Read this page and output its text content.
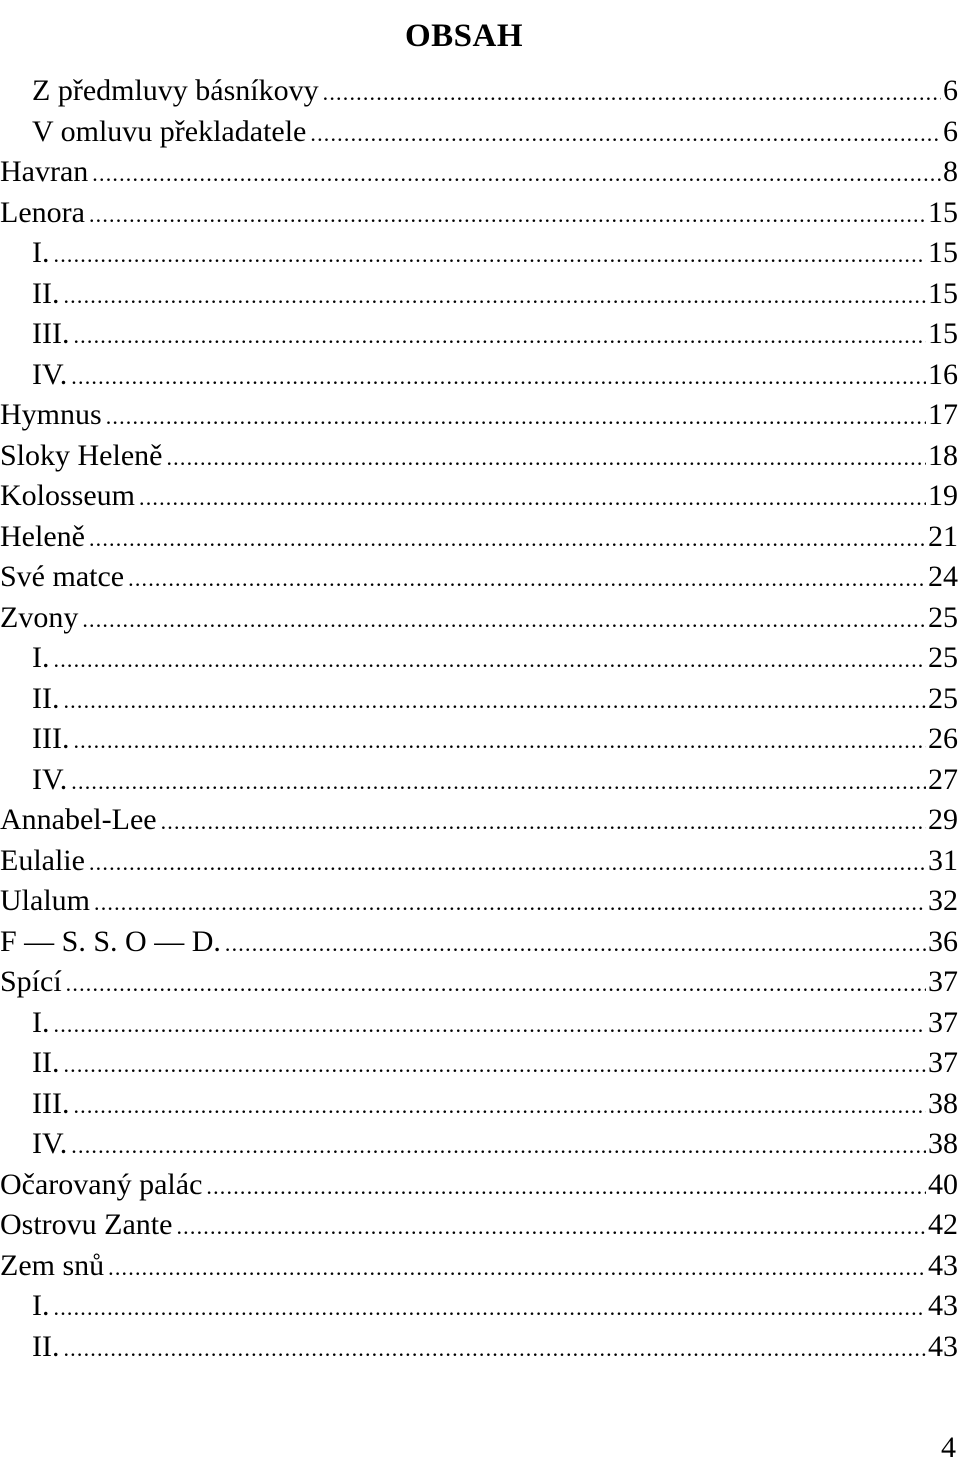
OBSAH
Z předmluvy básníkovy .....	6
V omluvu překladatele .....	6
Havran .....	8
Lenora .....	15
I. .....	15
II. .....	15
III. .....	15
IV. .....	16
Hymnus .....	17
Sloky Heleně .....	18
Kolosseum .....	19
Heleně .....	21
Své matce .....	24
Zvony .....	25
I. .....	25
II. .....	25
III. .....	26
IV. .....	27
Annabel-Lee .....	29
Eulalie .....	31
Ulalum .....	32
F — S. S. O — D. .....	36
Spící .....	37
I. .....	37
II. .....	37
III. .....	38
IV. .....	38
Očarovaný palác .....	40
Ostrovu Zante .....	42
Zem snů .....	43
I. .....	43
II. .....	43
4
